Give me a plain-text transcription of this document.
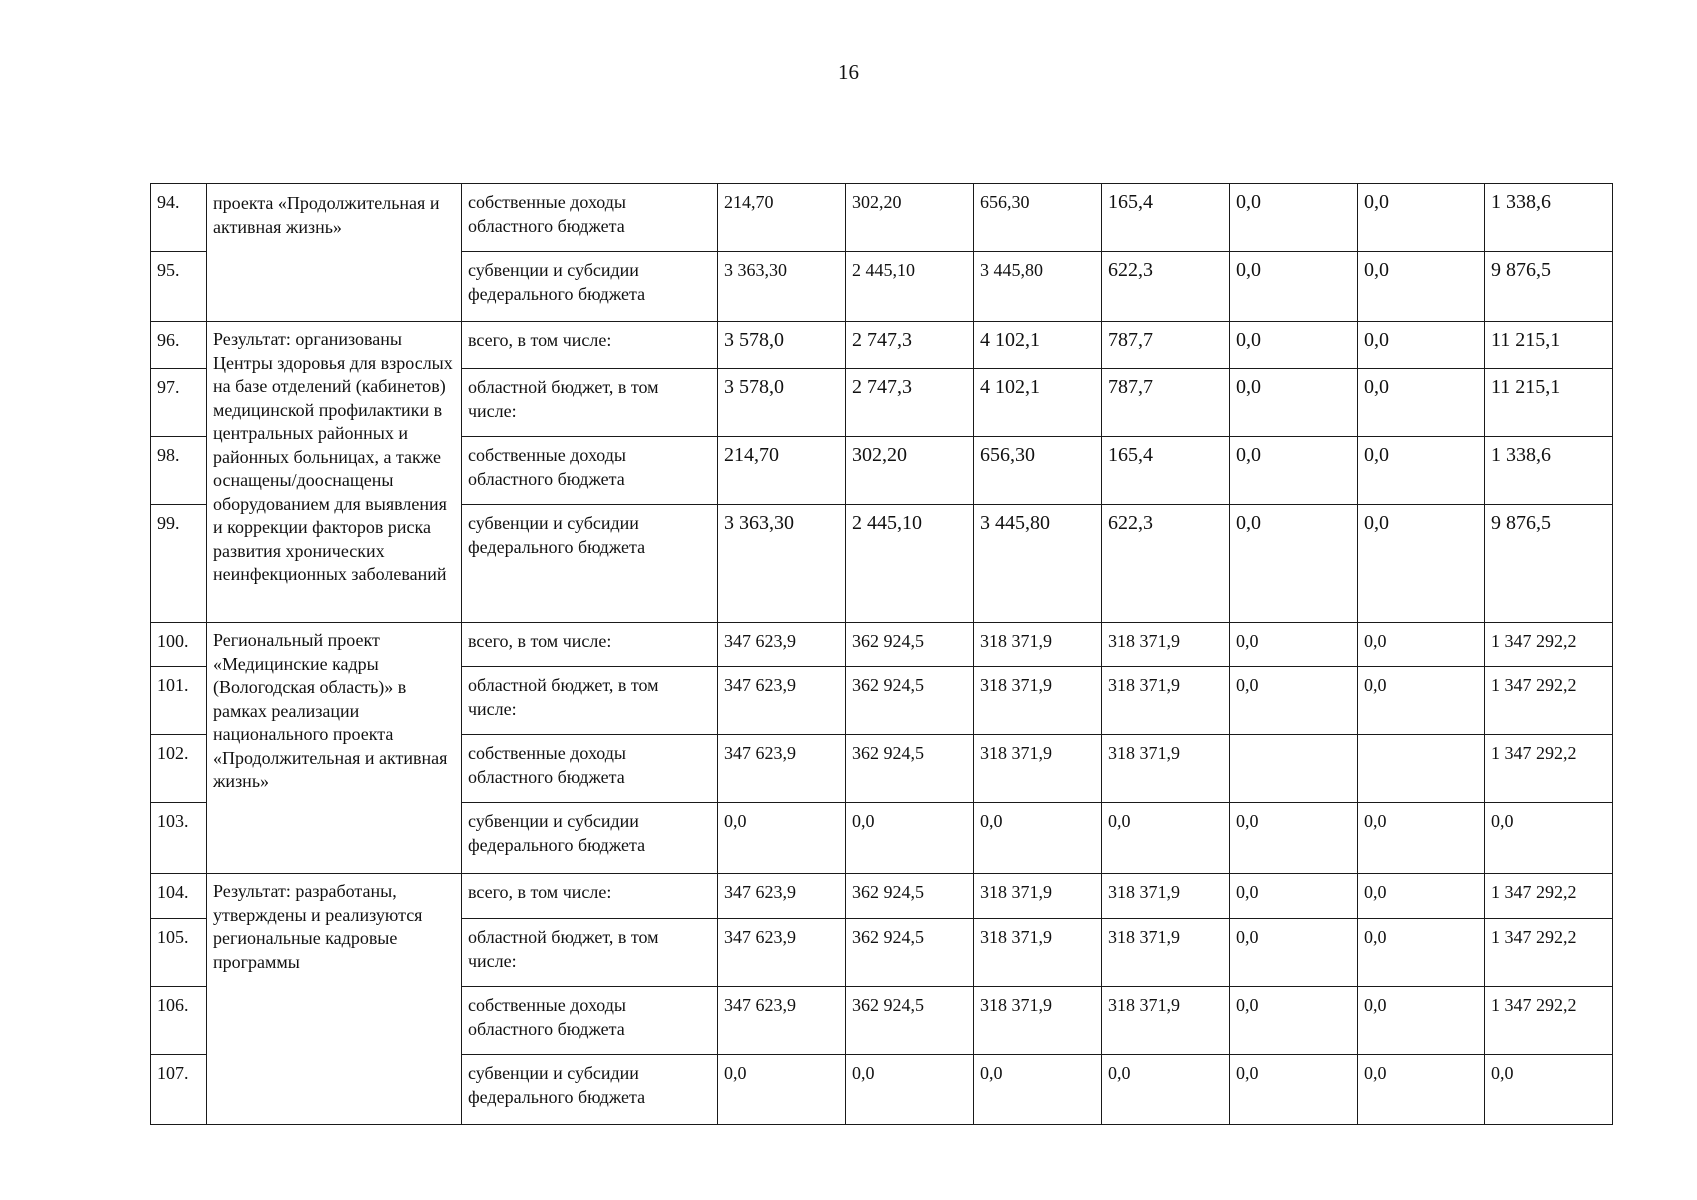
16
94.	проекта «Продолжительная и активная жизнь»	собственные доходы областного бюджета	214,70	302,20	656,30	165,4	0,0	0,0	1 338,6
95.		субвенции и субсидии федерального бюджета	3 363,30	2 445,10	3 445,80	622,3	0,0	0,0	9 876,5
96.	Результат: организованы Центры здоровья для взрослых на базе отделений (кабинетов) медицинской профилактики в центральных районных и районных больницах, а также оснащены/дооснащены оборудованием для выявления и коррекции факторов риска развития хронических неинфекционных заболеваний	всего, в том числе:	3 578,0	2 747,3	4 102,1	787,7	0,0	0,0	11 215,1
97.		областной бюджет, в том числе:	3 578,0	2 747,3	4 102,1	787,7	0,0	0,0	11 215,1
98.		собственные доходы областного бюджета	214,70	302,20	656,30	165,4	0,0	0,0	1 338,6
99.		субвенции и субсидии федерального бюджета	3 363,30	2 445,10	3 445,80	622,3	0,0	0,0	9 876,5
100.	Региональный проект «Медицинские кадры (Вологодская область)» в рамках реализации национального проекта «Продолжительная и активная жизнь»	всего, в том числе:	347 623,9	362 924,5	318 371,9	318 371,9	0,0	0,0	1 347 292,2
101.		областной бюджет, в том числе:	347 623,9	362 924,5	318 371,9	318 371,9	0,0	0,0	1 347 292,2
102.		собственные доходы областного бюджета	347 623,9	362 924,5	318 371,9	318 371,9			1 347 292,2
103.		субвенции и субсидии федерального бюджета	0,0	0,0	0,0	0,0	0,0	0,0	0,0
104.	Результат: разработаны, утверждены и реализуются региональные кадровые программы	всего, в том числе:	347 623,9	362 924,5	318 371,9	318 371,9	0,0	0,0	1 347 292,2
105.		областной бюджет, в том числе:	347 623,9	362 924,5	318 371,9	318 371,9	0,0	0,0	1 347 292,2
106.		собственные доходы областного бюджета	347 623,9	362 924,5	318 371,9	318 371,9	0,0	0,0	1 347 292,2
107.		субвенции и субсидии федерального бюджета	0,0	0,0	0,0	0,0	0,0	0,0	0,0
